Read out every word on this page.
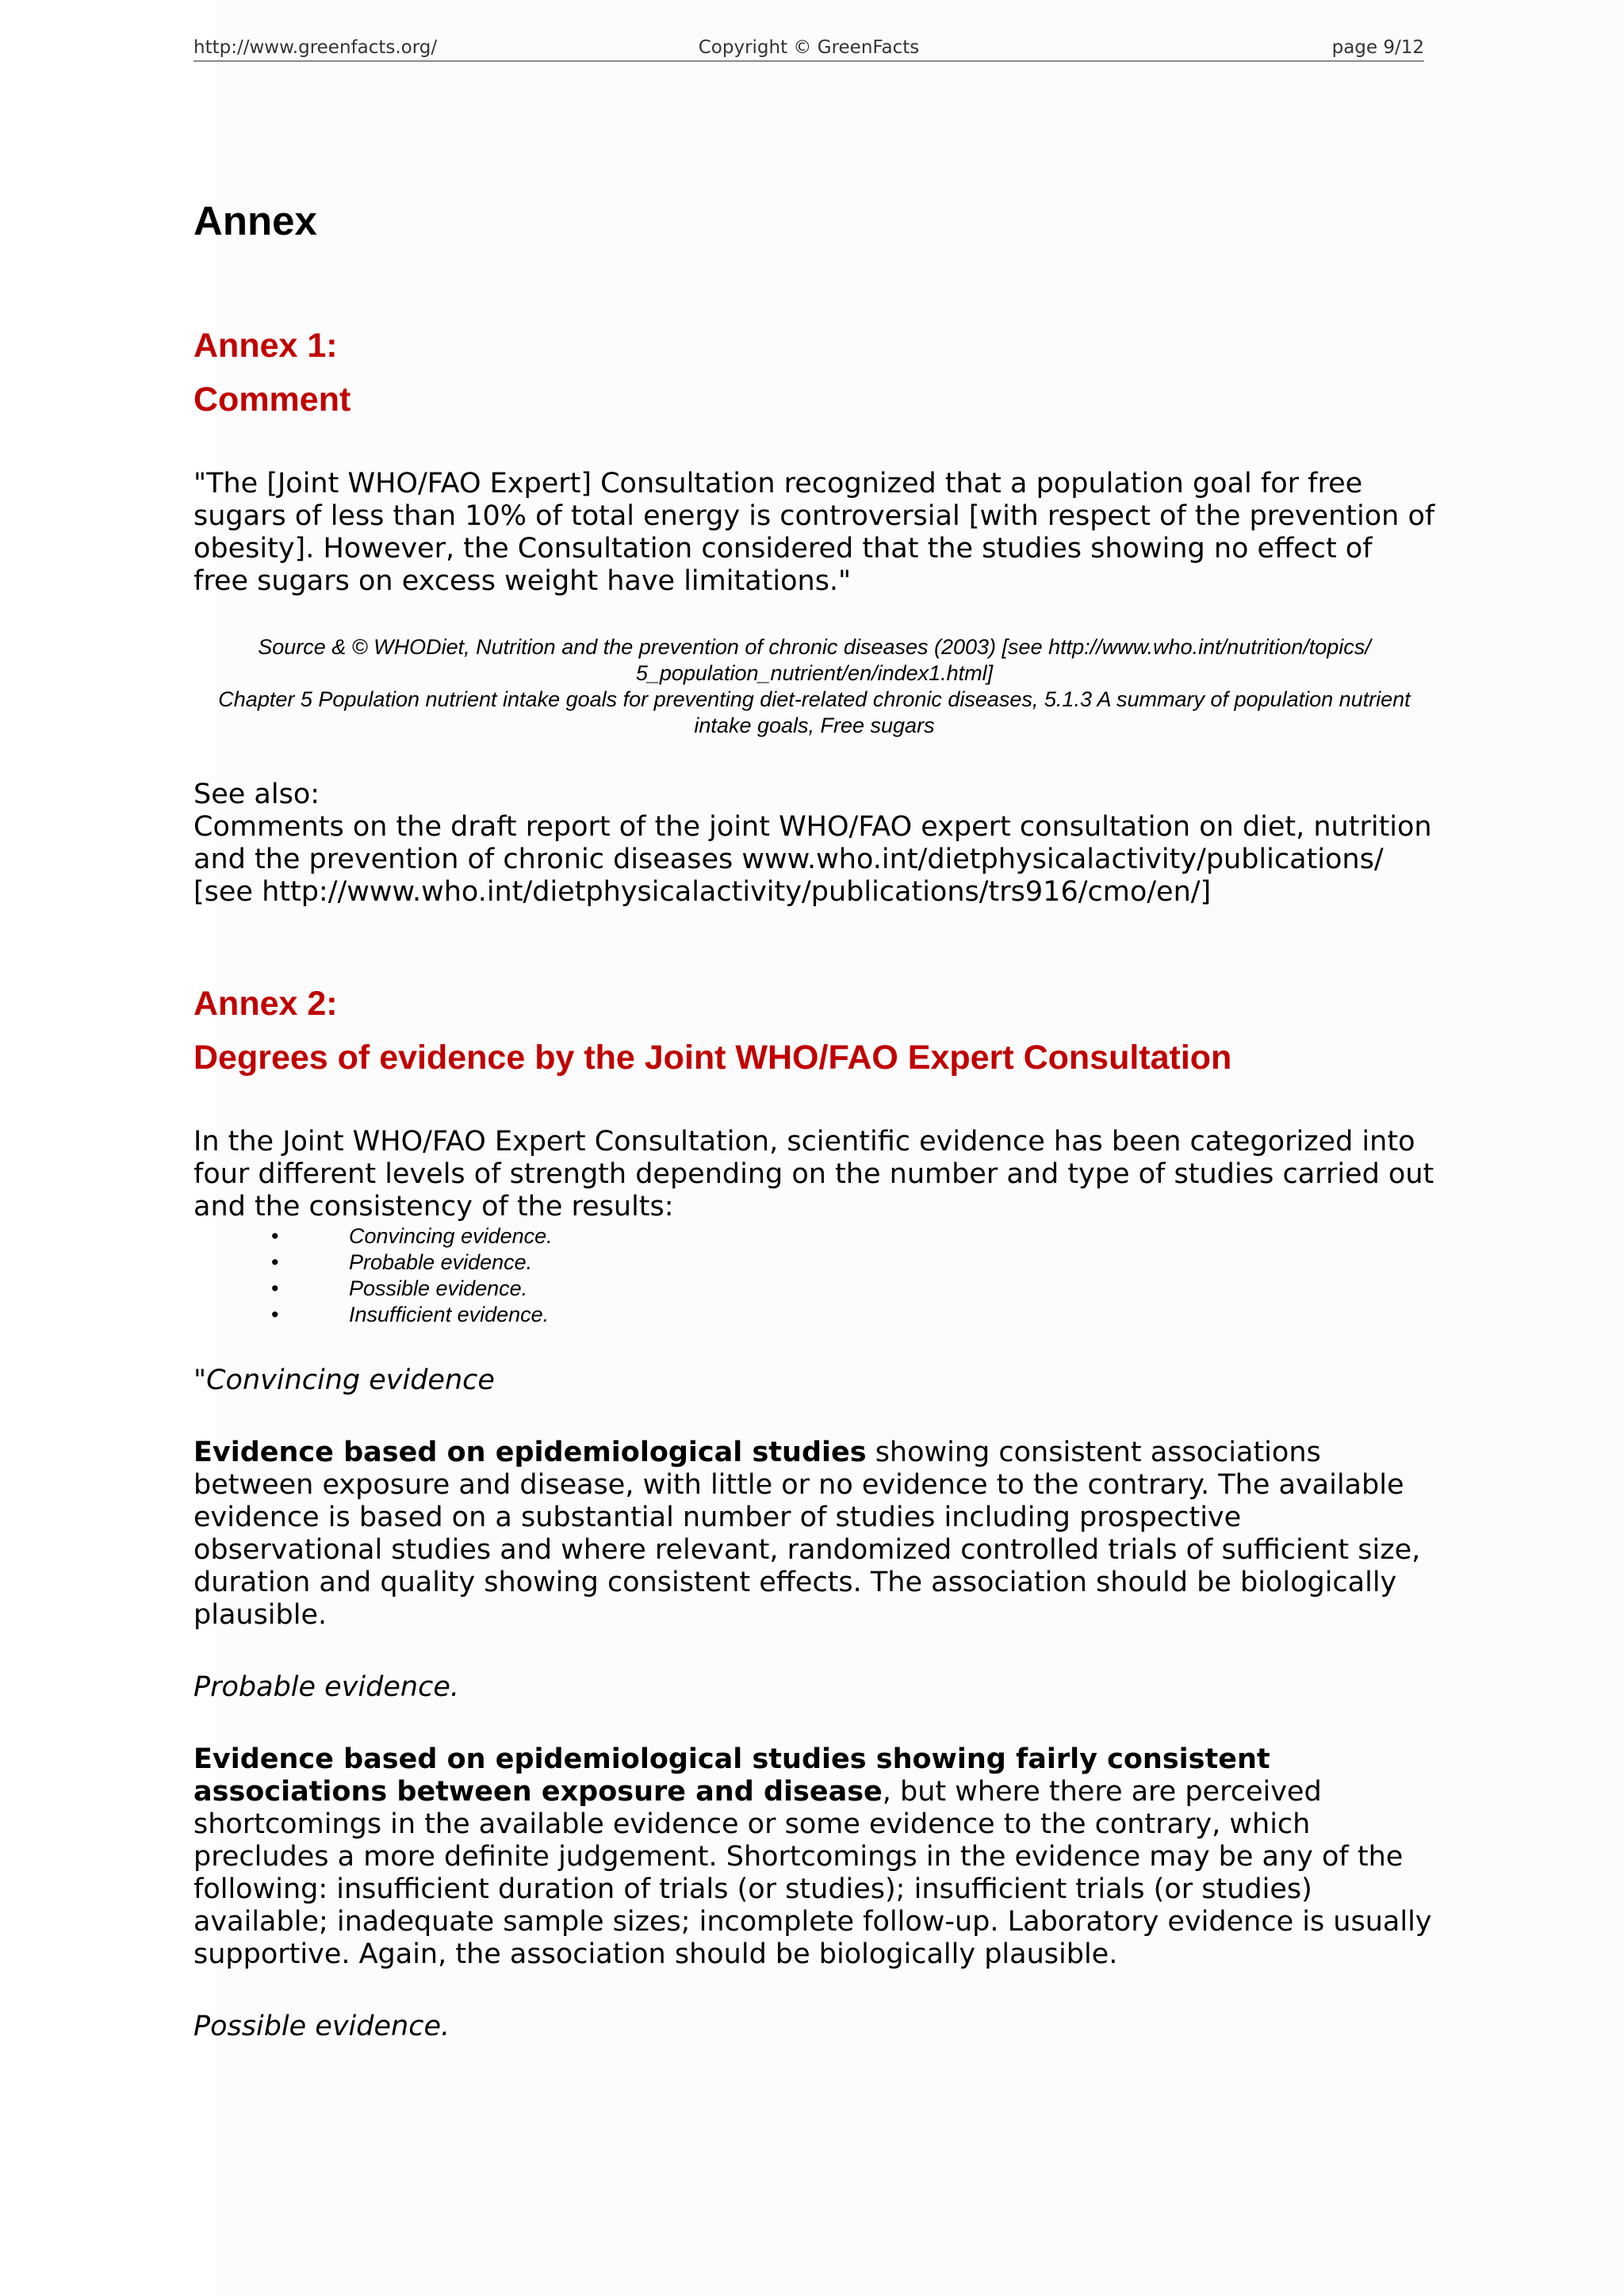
http://www.greenfacts.org/	Copyright © GreenFacts	page 9/12
Annex
Annex 1:
Comment

"The [Joint WHO/FAO Expert] Consultation recognized that a population goal for free sugars of less than 10% of total energy is controversial [with respect of the prevention of obesity]. However, the Consultation considered that the studies showing no effect of free sugars on excess weight have limitations."

Source & © WHODiet, Nutrition and the prevention of chronic diseases (2003) [see http://www.who.int/nutrition/topics/

5_population_nutrient/en/index1.html]

Chapter 5 Population nutrient intake goals for preventing diet-related chronic diseases, 5.1.3 A summary of population nutrient

intake goals, Free sugars

See also:

Comments on the draft report of the joint WHO/FAO expert consultation on diet, nutrition and the prevention of chronic diseases www.who.int/dietphysicalactivity/publications/ [see http://www.who.int/dietphysicalactivity/publications/trs916/cmo/en/]

Annex 2:
Degrees of evidence by the Joint WHO/FAO Expert Consultation

In the Joint WHO/FAO Expert Consultation, scientific evidence has been categorized into four different levels of strength depending on the number and type of studies carried out and the consistency of the results:

•	Convincing evidence.
•	Probable evidence.
•	Possible evidence.
•	Insufficient evidence.

"Convincing evidence

Evidence based on epidemiological studies showing consistent associations between exposure and disease, with little or no evidence to the contrary. The available evidence is based on a substantial number of studies including prospective observational studies and where relevant, randomized controlled trials of sufficient size, duration and quality showing consistent effects. The association should be biologically plausible.

Probable evidence.

Evidence based on epidemiological studies showing fairly consistent associations between exposure and disease, but where there are perceived shortcomings in the available evidence or some evidence to the contrary, which precludes a more definite judgement. Shortcomings in the evidence may be any of the following: insufficient duration of trials (or studies); insufficient trials (or studies) available; inadequate sample sizes; incomplete follow-up. Laboratory evidence is usually supportive. Again, the association should be biologically plausible.

Possible evidence.
